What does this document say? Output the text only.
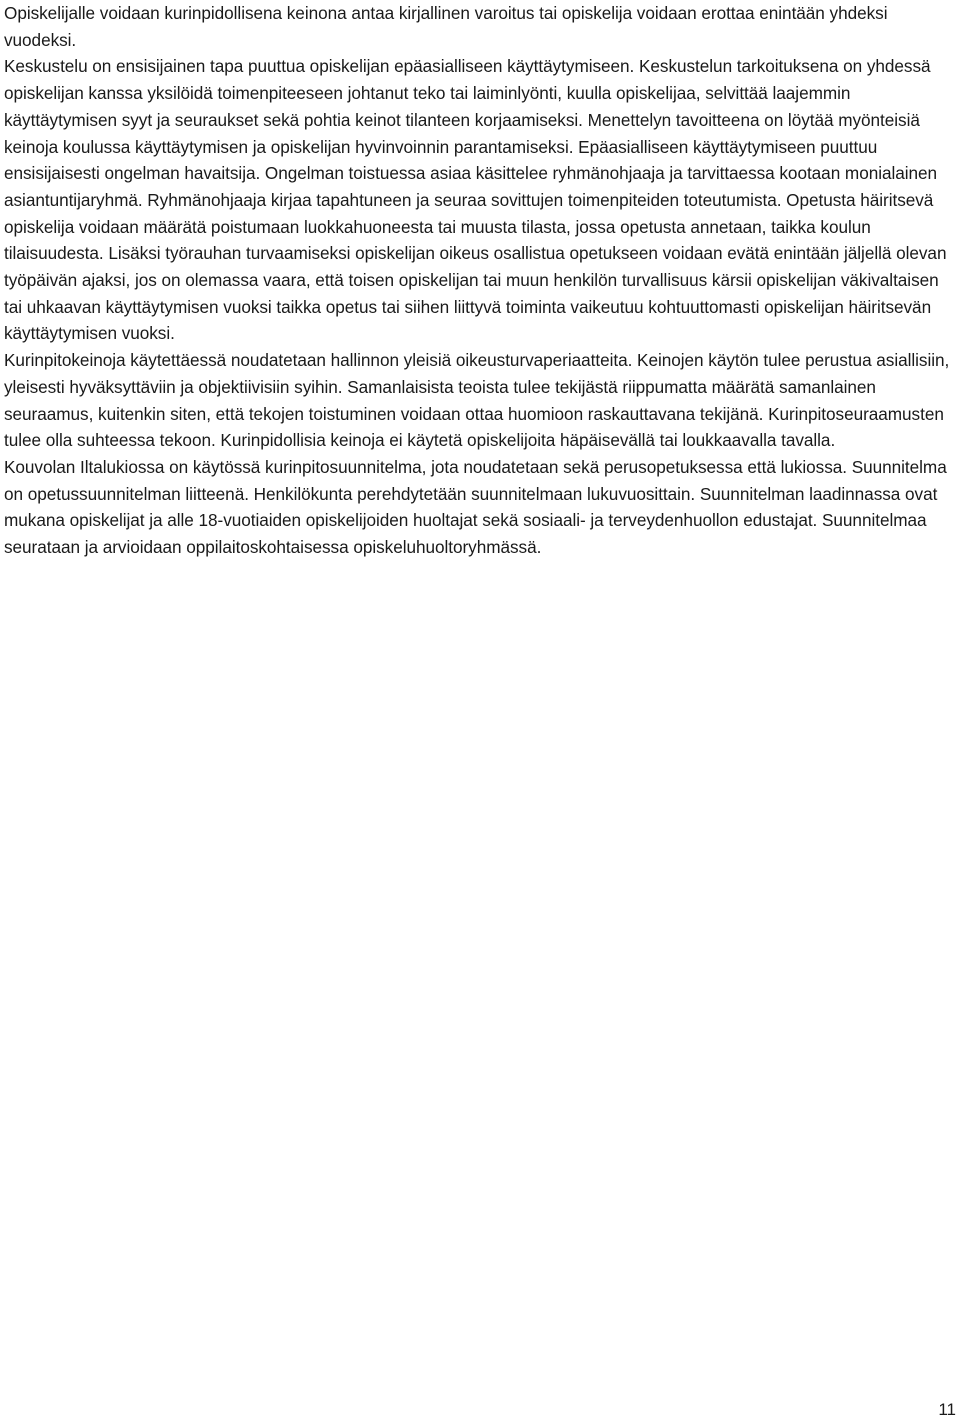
Opiskelijalle voidaan kurinpidollisena keinona antaa kirjallinen varoitus tai opiskelija voidaan erottaa enintään yhdeksi vuodeksi.

Keskustelu on ensisijainen tapa puuttua opiskelijan epäasialliseen käyttäytymiseen. Keskustelun tarkoituksena on yhdessä opiskelijan kanssa yksilöidä toimenpiteeseen johtanut teko tai laiminlyönti, kuulla opiskelijaa, selvittää laajemmin käyttäytymisen syyt ja seuraukset sekä pohtia keinot tilanteen korjaamiseksi. Menettelyn tavoitteena on löytää myönteisiä keinoja koulussa käyttäytymisen ja opiskelijan hyvinvoinnin parantamiseksi. Epäasialliseen käyttäytymiseen puuttuu ensisijaisesti ongelman havaitsija. Ongelman toistuessa asiaa käsittelee ryhmänohjaaja ja tarvittaessa kootaan monialainen asiantuntijaryhmä. Ryhmänohjaaja kirjaa tapahtuneen ja seuraa sovittujen toimenpiteiden toteutumista. Opetusta häiritsevä opiskelija voidaan määrätä poistumaan luokkahuoneesta tai muusta tilasta, jossa opetusta annetaan, taikka koulun tilaisuudesta. Lisäksi työrauhan turvaamiseksi opiskelijan oikeus osallistua opetukseen voidaan evätä enintään jäljellä olevan työpäivän ajaksi, jos on olemassa vaara, että toisen opiskelijan tai muun henkilön turvallisuus kärsii opiskelijan väkivaltaisen tai uhkaavan käyttäytymisen vuoksi taikka opetus tai siihen liittyvä toiminta vaikeutuu kohtuuttomasti opiskelijan häiritsevän käyttäytymisen vuoksi.

Kurinpitokeinoja käytettäessä noudatetaan hallinnon yleisiä oikeusturvaperiaatteita. Keinojen käytön tulee perustua asiallisiin, yleisesti hyväksyttäviin ja objektiivisiin syihin. Samanlaisista teoista tulee tekijästä riippumatta määrätä samanlainen seuraamus, kuitenkin siten, että tekojen toistuminen voidaan ottaa huomioon raskauttavana tekijänä. Kurinpitoseuraamusten tulee olla suhteessa tekoon. Kurinpidollisia keinoja ei käytetä opiskelijoita häpäisevällä tai loukkaavalla tavalla.

Kouvolan Iltalukiossa on käytössä kurinpitosuunnitelma, jota noudatetaan sekä perusopetuksessa että lukiossa. Suunnitelma on opetussuunnitelman liitteenä. Henkilökunta perehdytetään suunnitelmaan lukuvuosittain. Suunnitelman laadinnassa ovat mukana opiskelijat ja alle 18-vuotiaiden opiskelijoiden huoltajat sekä sosiaali- ja terveydenhuollon edustajat. Suunnitelmaa seurataan ja arvioidaan oppilaitoskohtaisessa opiskeluhuoltoryhmässä.

11
